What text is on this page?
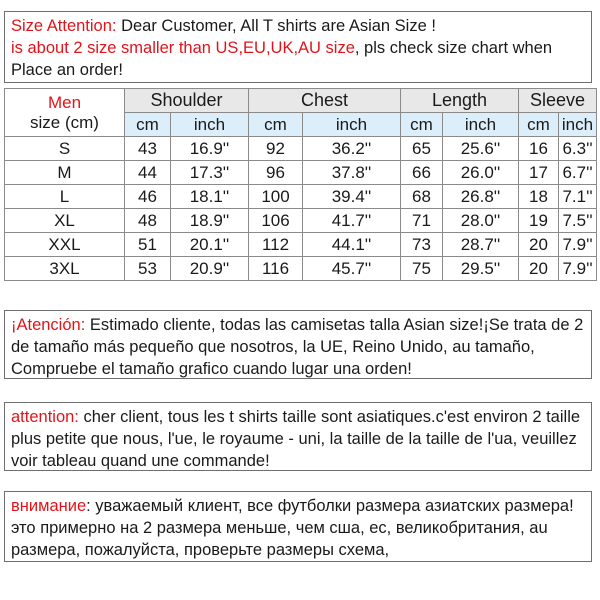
Size Attention: Dear Customer, All T shirts are Asian Size !
is about 2 size smaller than US,EU,UK,AU size, pls check size chart when Place an order!
Men
size (cm)	Shoulder		Chest		Length		Sleeve	
	cm	inch	cm	inch	cm	inch	cm	inch
S	43	16.9''	92	36.2''	65	25.6''	16	6.3''
M	44	17.3''	96	37.8''	66	26.0''	17	6.7''
L	46	18.1''	100	39.4''	68	26.8''	18	7.1''
XL	48	18.9''	106	41.7''	71	28.0''	19	7.5''
XXL	51	20.1''	112	44.1''	73	28.7''	20	7.9''
3XL	53	20.9''	116	45.7''	75	29.5''	20	7.9''
¡Atención: Estimado cliente, todas las camisetas talla Asian size!¡Se trata de 2 de tamaño más pequeño que nosotros, la UE, Reino Unido, au tamaño, Compruebe el tamaño grafico cuando lugar una orden!
attention: cher client, tous les t shirts taille sont asiatiques.c'est environ 2 taille plus petite que nous, l'ue, le royaume - uni, la taille de la taille de l'ua, veuillez voir tableau quand une commande!
внимание: уважаемый клиент, все футболки размера азиатских размера!это примерно на 2 размера меньше, чем сша, ес, великобритания, au размера, пожалуйста, проверьте размеры схема,
